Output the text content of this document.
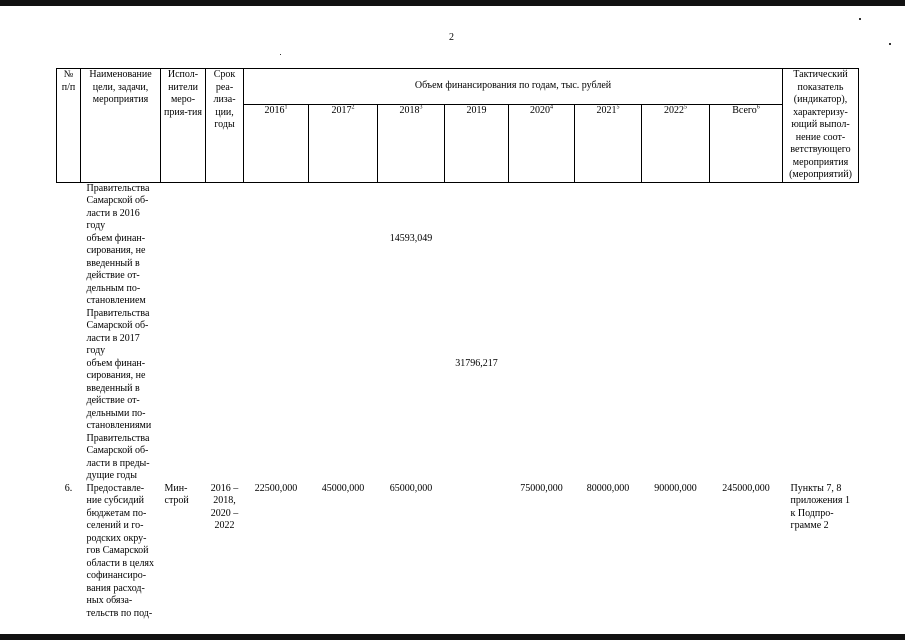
2
№ п/п	Наименование цели, задачи, мероприятия	Испол-нители меро-прия-тия	Срок реа-лиза-ции, годы	Объем финансирования по годам, тыс. рублей								Тактический показатель (индикатор), характеризу-ющий выпол-нение соот-ветствующего мероприятия (мероприятий)
				2016$^1$	2017$^2$	2018$^3$	2019	2020$^4$	2021$^5$	2022$^5$	Всего$^6$
	Правительства Самарской об-ласти в 2016 году											
	объем финан-сирования, не введенный в действие от-дельным по-становлением Правительства Самарской об-ласти в 2017 году					14593,049						
	объем финан-сирования, не введенный в действие от-дельными по-становлениями Правительства Самарской об-ласти в преды-дущие годы						31796,217					
6.	Предоставле-ние субсидий бюджетам по-селений и го-родских окру-гов Самарской области в целях софинансиро-вания расход-ных обяза-тельств по под-	Мин-строй	2016 – 2018, 2020 – 2022	22500,000	45000,000	65000,000		75000,000	80000,000	90000,000	245000,000	Пункты 7, 8 приложения 1 к Подпро-грамме 2
